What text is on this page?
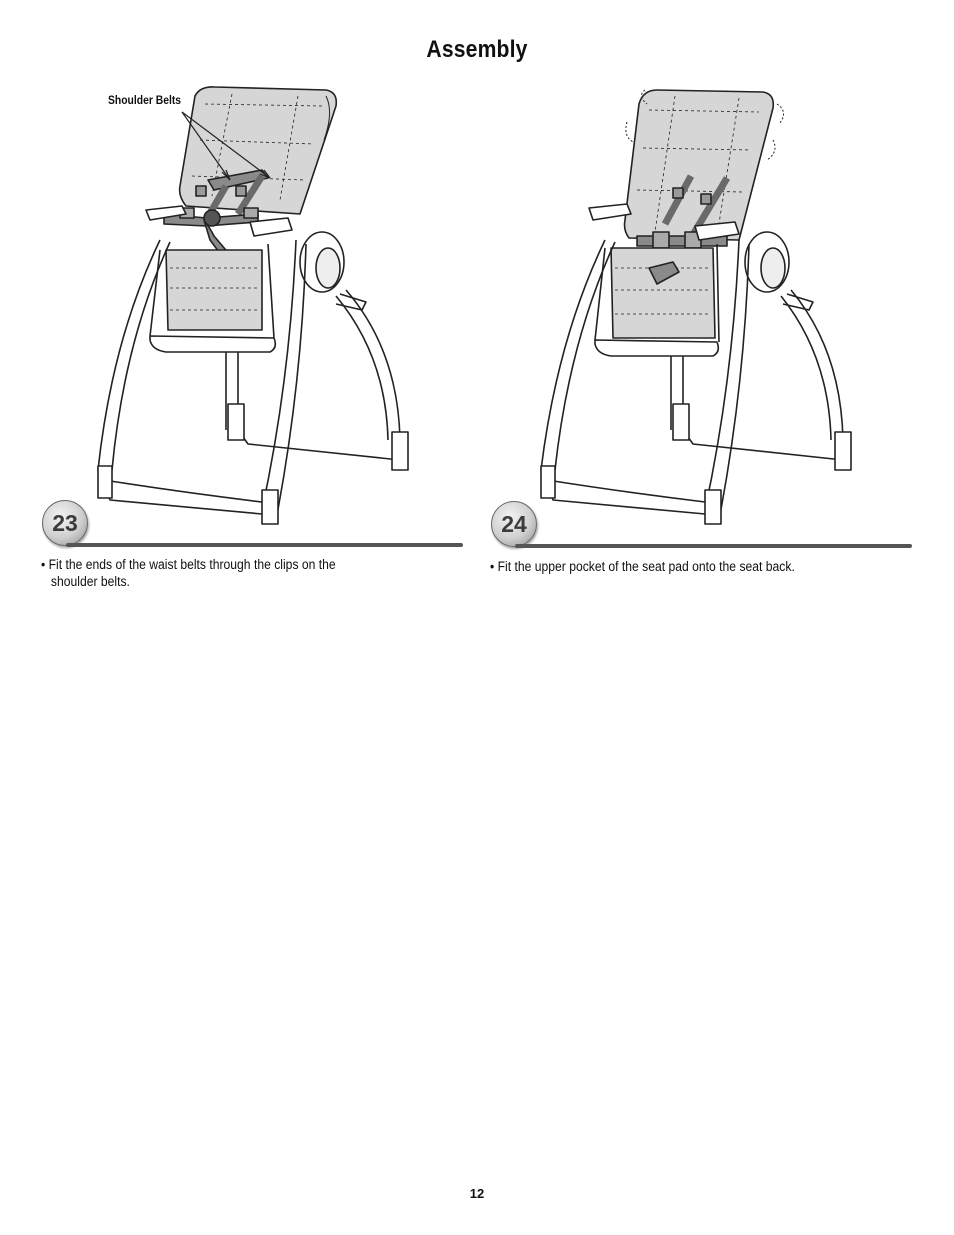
Assembly
Shoulder Belts
23
• Fit the ends of the waist belts through the clips on the
shoulder belts.
24
• Fit the upper pocket of the seat pad onto the seat back.
12
